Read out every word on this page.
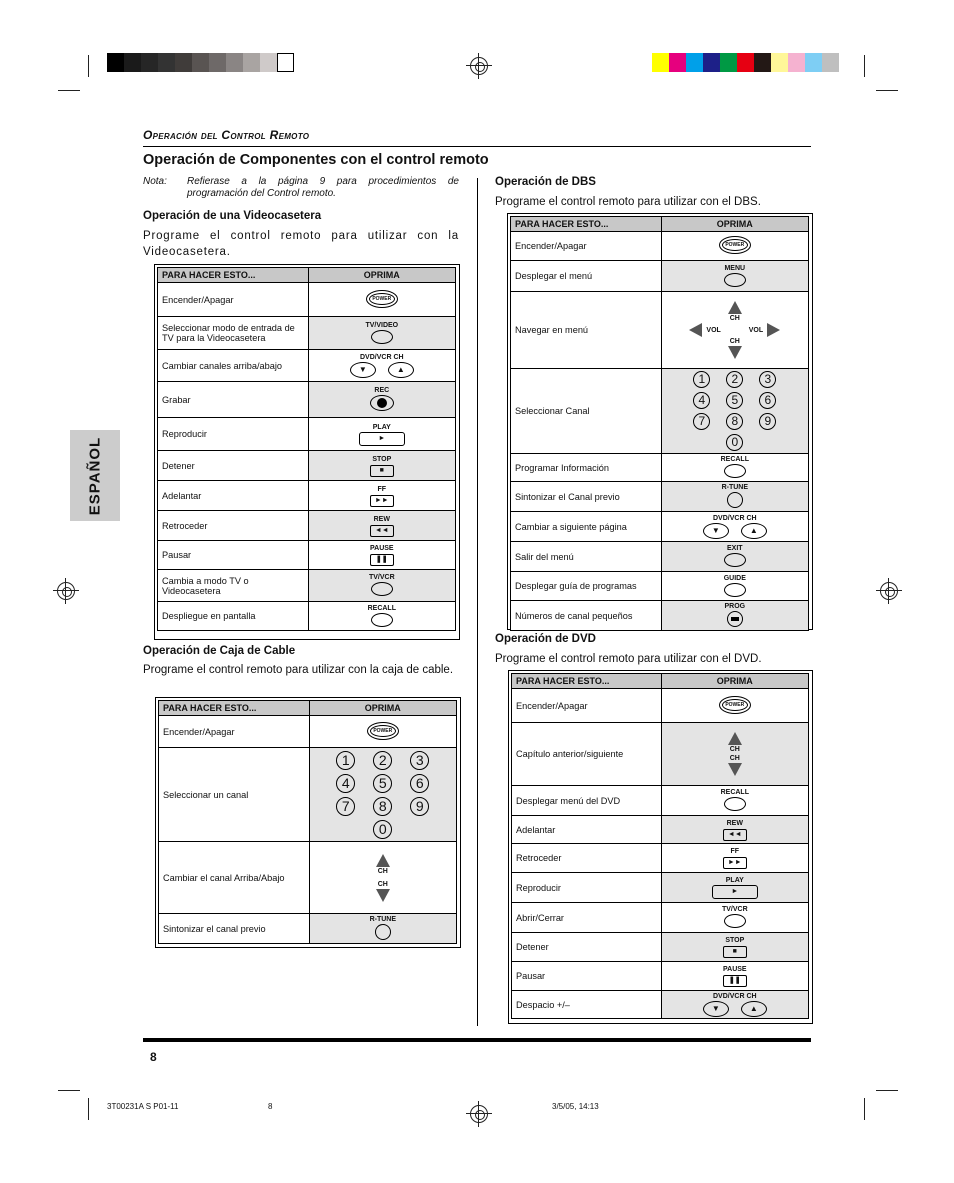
Operación del Control Remoto
Operación de Componentes con el control remoto
ESPAÑOL
Nota: Refierase a la página 9 para procedimientos de programación del Control remoto.
Operación de una Videocasetera
Programe el control remoto para utilizar con la Videocasetera.
PARA HACER ESTO...	OPRIMA
Encender/Apagar	POWER
Seleccionar modo de entrada de TV para la Videocasetera	TV/VIDEO

Cambiar canales arriba/abajo	DVD/VCR CH
▼ ▲
Grabar	REC

Reproducir	PLAY
►
Detener	STOP
■
Adelantar	FF
►►
Retroceder	REW
◄◄
Pausar	PAUSE
❚❚
Cambia a modo TV o Videocasetera	TV/VCR

Despliegue en pantalla	RECALL
Operación de Caja de Cable
Programe el control remoto para utilizar con la caja de cable.
PARA HACER ESTO...	OPRIMA
Encender/Apagar	POWER
Seleccionar un canal	1 2 3
4 5 6
7 8 9
0

Cambiar el canal Arriba/Abajo	CH
CH

Sintonizar el canal previo	R-TUNE
Operación de DBS
Programe el control remoto para utilizar con el DBS.
PARA HACER ESTO...	OPRIMA
Encender/Apagar	POWER
Desplegar el menú	MENU

Navegar en menú	CH
VOL VOL
CH

Seleccionar Canal	1 2 3
4 5 6
7 8 9
0

Programar Información	RECALL

Sintonizar el Canal previo	R-TUNE

Cambiar a siguiente página	DVD/VCR CH
▼ ▲
Salir del menú	EXIT

Desplegar guía de programas	GUIDE

Números de canal pequeños	PROG
Operación de DVD
Programe el control remoto para utilizar con el DVD.
PARA HACER ESTO...	OPRIMA
Encender/Apagar	POWER
Capítulo anterior/siguiente	CH
CH

Desplegar menú del DVD	RECALL

Adelantar	REW
◄◄
Retroceder	FF
►►
Reproducir	PLAY
►
Abrir/Cerrar	TV/VCR

Detener	STOP
■
Pausar	PAUSE
❚❚
Despacio +/–	DVD/VCR CH
▼ ▲
8
3T00231A S P01-11	8	3/5/05, 14:13
